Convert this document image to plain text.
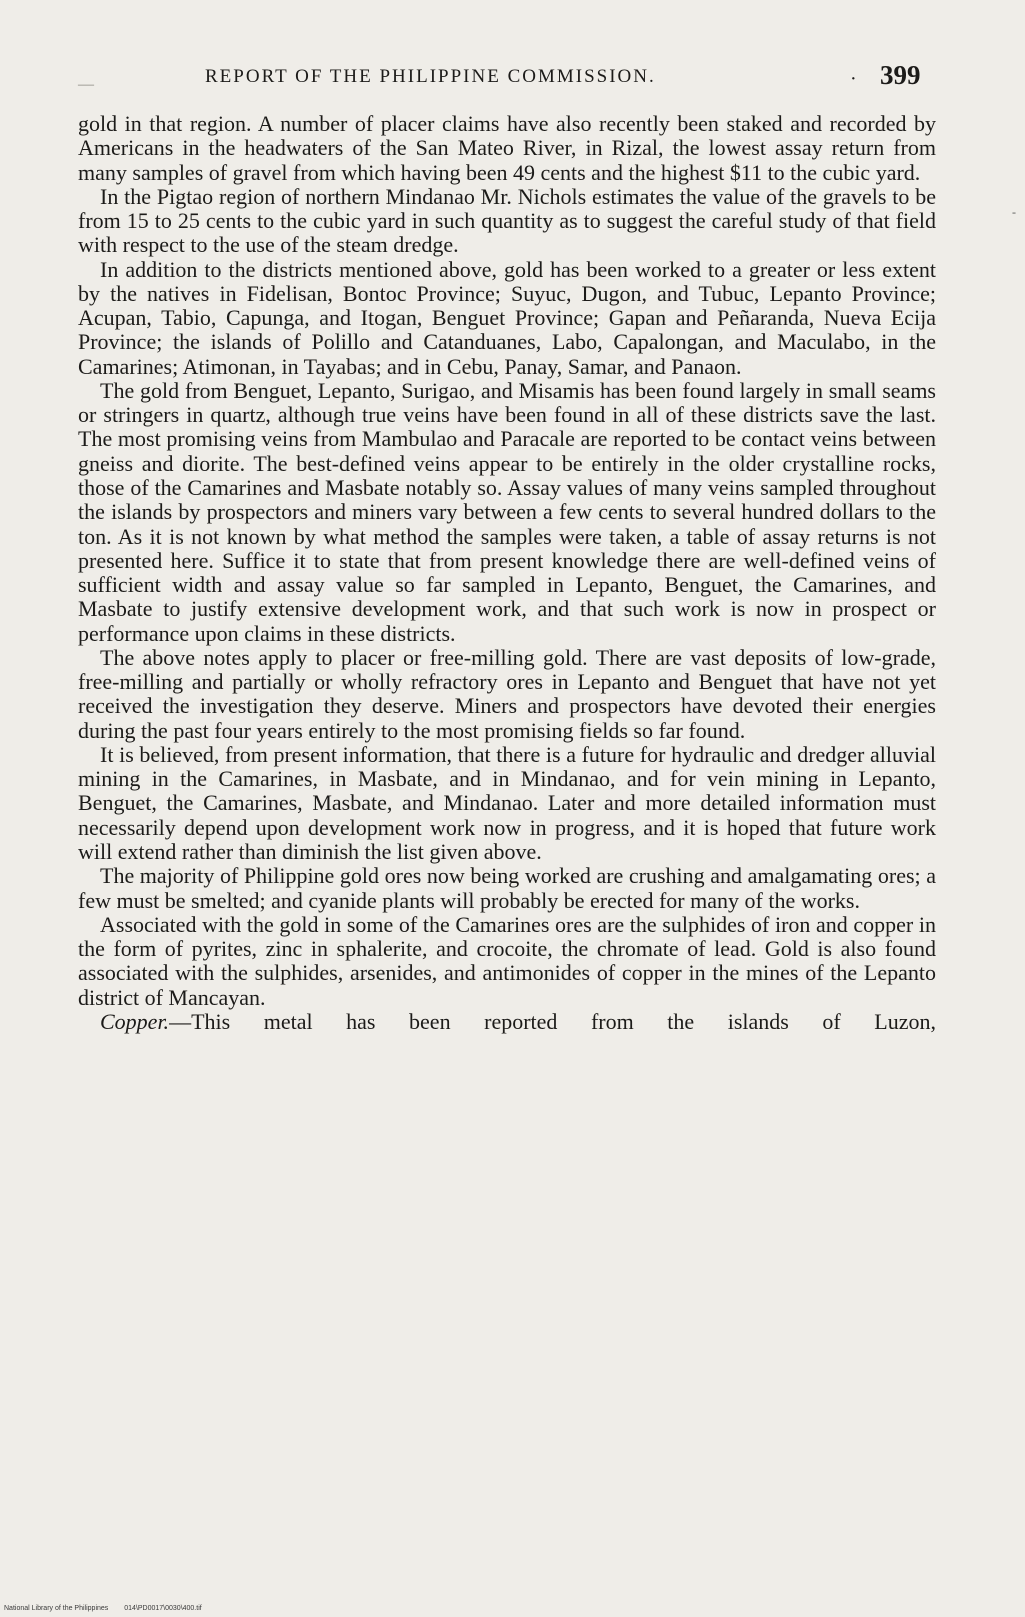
—	REPORT OF THE PHILIPPINE COMMISSION.	· 399

gold in that region. A number of placer claims have also recently been staked and recorded by Americans in the headwaters of the San Mateo River, in Rizal, the lowest assay return from many samples of gravel from which having been 49 cents and the highest $11 to the cubic yard.

In the Pigtao region of northern Mindanao Mr. Nichols estimates the value of the gravels to be from 15 to 25 cents to the cubic yard in such quantity as to suggest the careful study of that field with respect to the use of the steam dredge.

In addition to the districts mentioned above, gold has been worked to a greater or less extent by the natives in Fidelisan, Bontoc Province; Suyuc, Dugon, and Tubuc, Lepanto Province; Acupan, Tabio, Capunga, and Itogan, Benguet Province; Gapan and Peñaranda, Nueva Ecija Province; the islands of Polillo and Catanduanes, Labo, Capalongan, and Maculabo, in the Camarines; Atimonan, in Tayabas; and in Cebu, Panay, Samar, and Panaon.

The gold from Benguet, Lepanto, Surigao, and Misamis has been found largely in small seams or stringers in quartz, although true veins have been found in all of these districts save the last. The most promising veins from Mambulao and Paracale are reported to be contact veins between gneiss and diorite. The best-defined veins appear to be entirely in the older crystalline rocks, those of the Camarines and Masbate notably so. Assay values of many veins sampled throughout the islands by prospectors and miners vary between a few cents to several hundred dollars to the ton. As it is not known by what method the samples were taken, a table of assay returns is not presented here. Suffice it to state that from present knowledge there are well-defined veins of sufficient width and assay value so far sampled in Lepanto, Benguet, the Camarines, and Masbate to justify extensive development work, and that such work is now in prospect or performance upon claims in these districts.

The above notes apply to placer or free-milling gold. There are vast deposits of low-grade, free-milling and partially or wholly refractory ores in Lepanto and Benguet that have not yet received the investigation they deserve. Miners and prospectors have devoted their energies during the past four years entirely to the most promising fields so far found.

It is believed, from present information, that there is a future for hydraulic and dredger alluvial mining in the Camarines, in Masbate, and in Mindanao, and for vein mining in Lepanto, Benguet, the Camarines, Masbate, and Mindanao. Later and more detailed information must necessarily depend upon development work now in progress, and it is hoped that future work will extend rather than diminish the list given above.

The majority of Philippine gold ores now being worked are crushing and amalgamating ores; a few must be smelted; and cyanide plants will probably be erected for many of the works.

Associated with the gold in some of the Camarines ores are the sulphides of iron and copper in the form of pyrites, zinc in sphalerite, and crocoite, the chromate of lead. Gold is also found associated with the sulphides, arsenides, and antimonides of copper in the mines of the Lepanto district of Mancayan.

Copper.—This metal has been reported from the islands of Luzon,

-
National Library of the Philippines 014\PD0017\0030\400.tif
